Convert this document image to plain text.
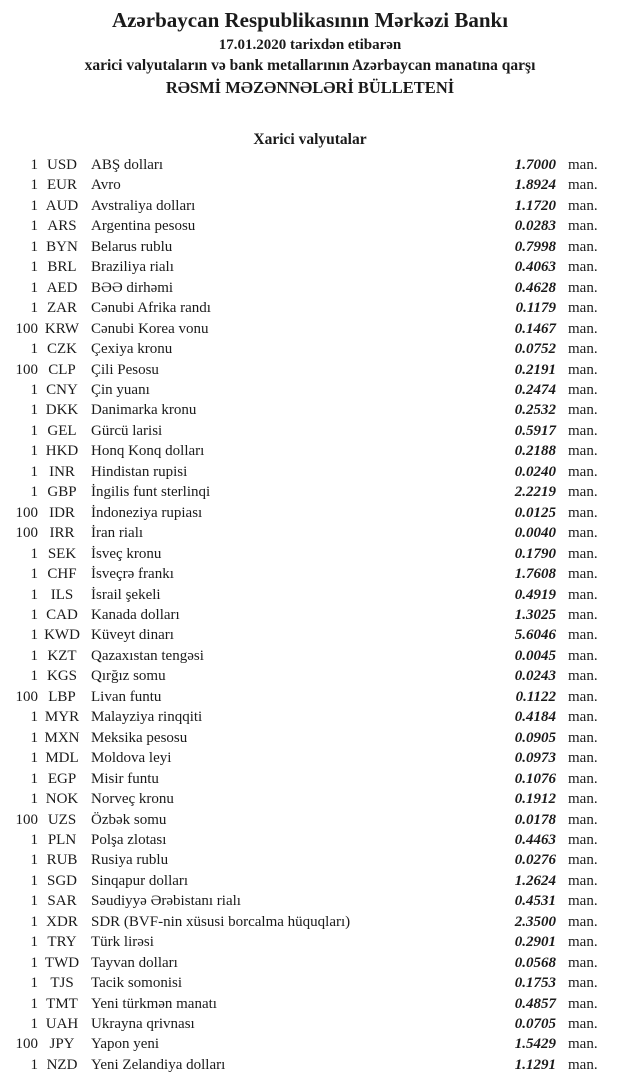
Azərbaycan Respublikasının Mərkəzi Bankı
17.01.2020 tarixdən etibarən
xarici valyutaların və bank metallarının Azərbaycan manatına qarşı
RƏSMİ MƏZƏNNƏLƏRİ BÜLLETENİ
Xarici valyutalar
1 USD ABŞ dolları	1.7000 man.
1 EUR Avro	1.8924 man.
1 AUD Avstraliya dolları	1.1720 man.
1 ARS Argentina pesosu	0.0283 man.
1 BYN Belarus rublu	0.7998 man.
1 BRL Braziliya rialı	0.4063 man.
1 AED BƏƏ dirhəmi	0.4628 man.
1 ZAR Cənubi Afrika randı	0.1179 man.
100 KRW Cənubi Korea vonu	0.1467 man.
1 CZK Çexiya kronu	0.0752 man.
100 CLP	Çili Pesosu	0.2191 man.
1 CNY Çin yuanı	0.2474 man.
1 DKK Danimarka kronu	0.2532 man.
1 GEL Gürcü larisi	0.5917 man.
1 HKD Honq Konq dolları	0.2188 man.
1 INR	Hindistan rupisi	0.0240 man.
1 GBP İngilis funt sterlinqi	2.2219 man.
100 IDR	İndoneziya rupiası	0.0125 man.
100 IRR	İran rialı	0.0040 man.
1 SEK İsveç kronu	0.1790 man.
1 CHF İsveçrə frankı	1.7608 man.
1 ILS	İsrail şekeli	0.4919 man.
1 CAD Kanada dolları	1.3025 man.
1 KWD Küveyt dinarı	5.6046 man.
1 KZT Qazaxıstan tengəsi	0.0045 man.
1 KGS Qırğız somu	0.0243 man.
100 LBP	Livan funtu	0.1122 man.
1 MYR Malayziya rinqqiti	0.4184 man.
1 MXN Meksika pesosu	0.0905 man.
1 MDL Moldova leyi	0.0973 man.
1 EGP Misir funtu	0.1076 man.
1 NOK Norveç kronu	0.1912 man.
100 UZS Özbək somu	0.0178 man.
1 PLN Polşa zlotası	0.4463 man.
1 RUB Rusiya rublu	0.0276 man.
1 SGD Sinqapur dolları	1.2624 man.
1 SAR Səudiyyə Ərəbistanı rialı	0.4531 man.
1 XDR SDR (BVF-nin xüsusi borcalma hüquqları)	2.3500 man.
1 TRY Türk lirəsi	0.2901 man.
1 TWD Tayvan dolları	0.0568 man.
1 TJS	Tacik somonisi	0.1753 man.
1 TMT Yeni türkmən manatı	0.4857 man.
1 UAH Ukrayna qrivnası	0.0705 man.
100 JPY	Yapon yeni	1.5429 man.
1 NZD Yeni Zelandiya dolları	1.1291 man.
